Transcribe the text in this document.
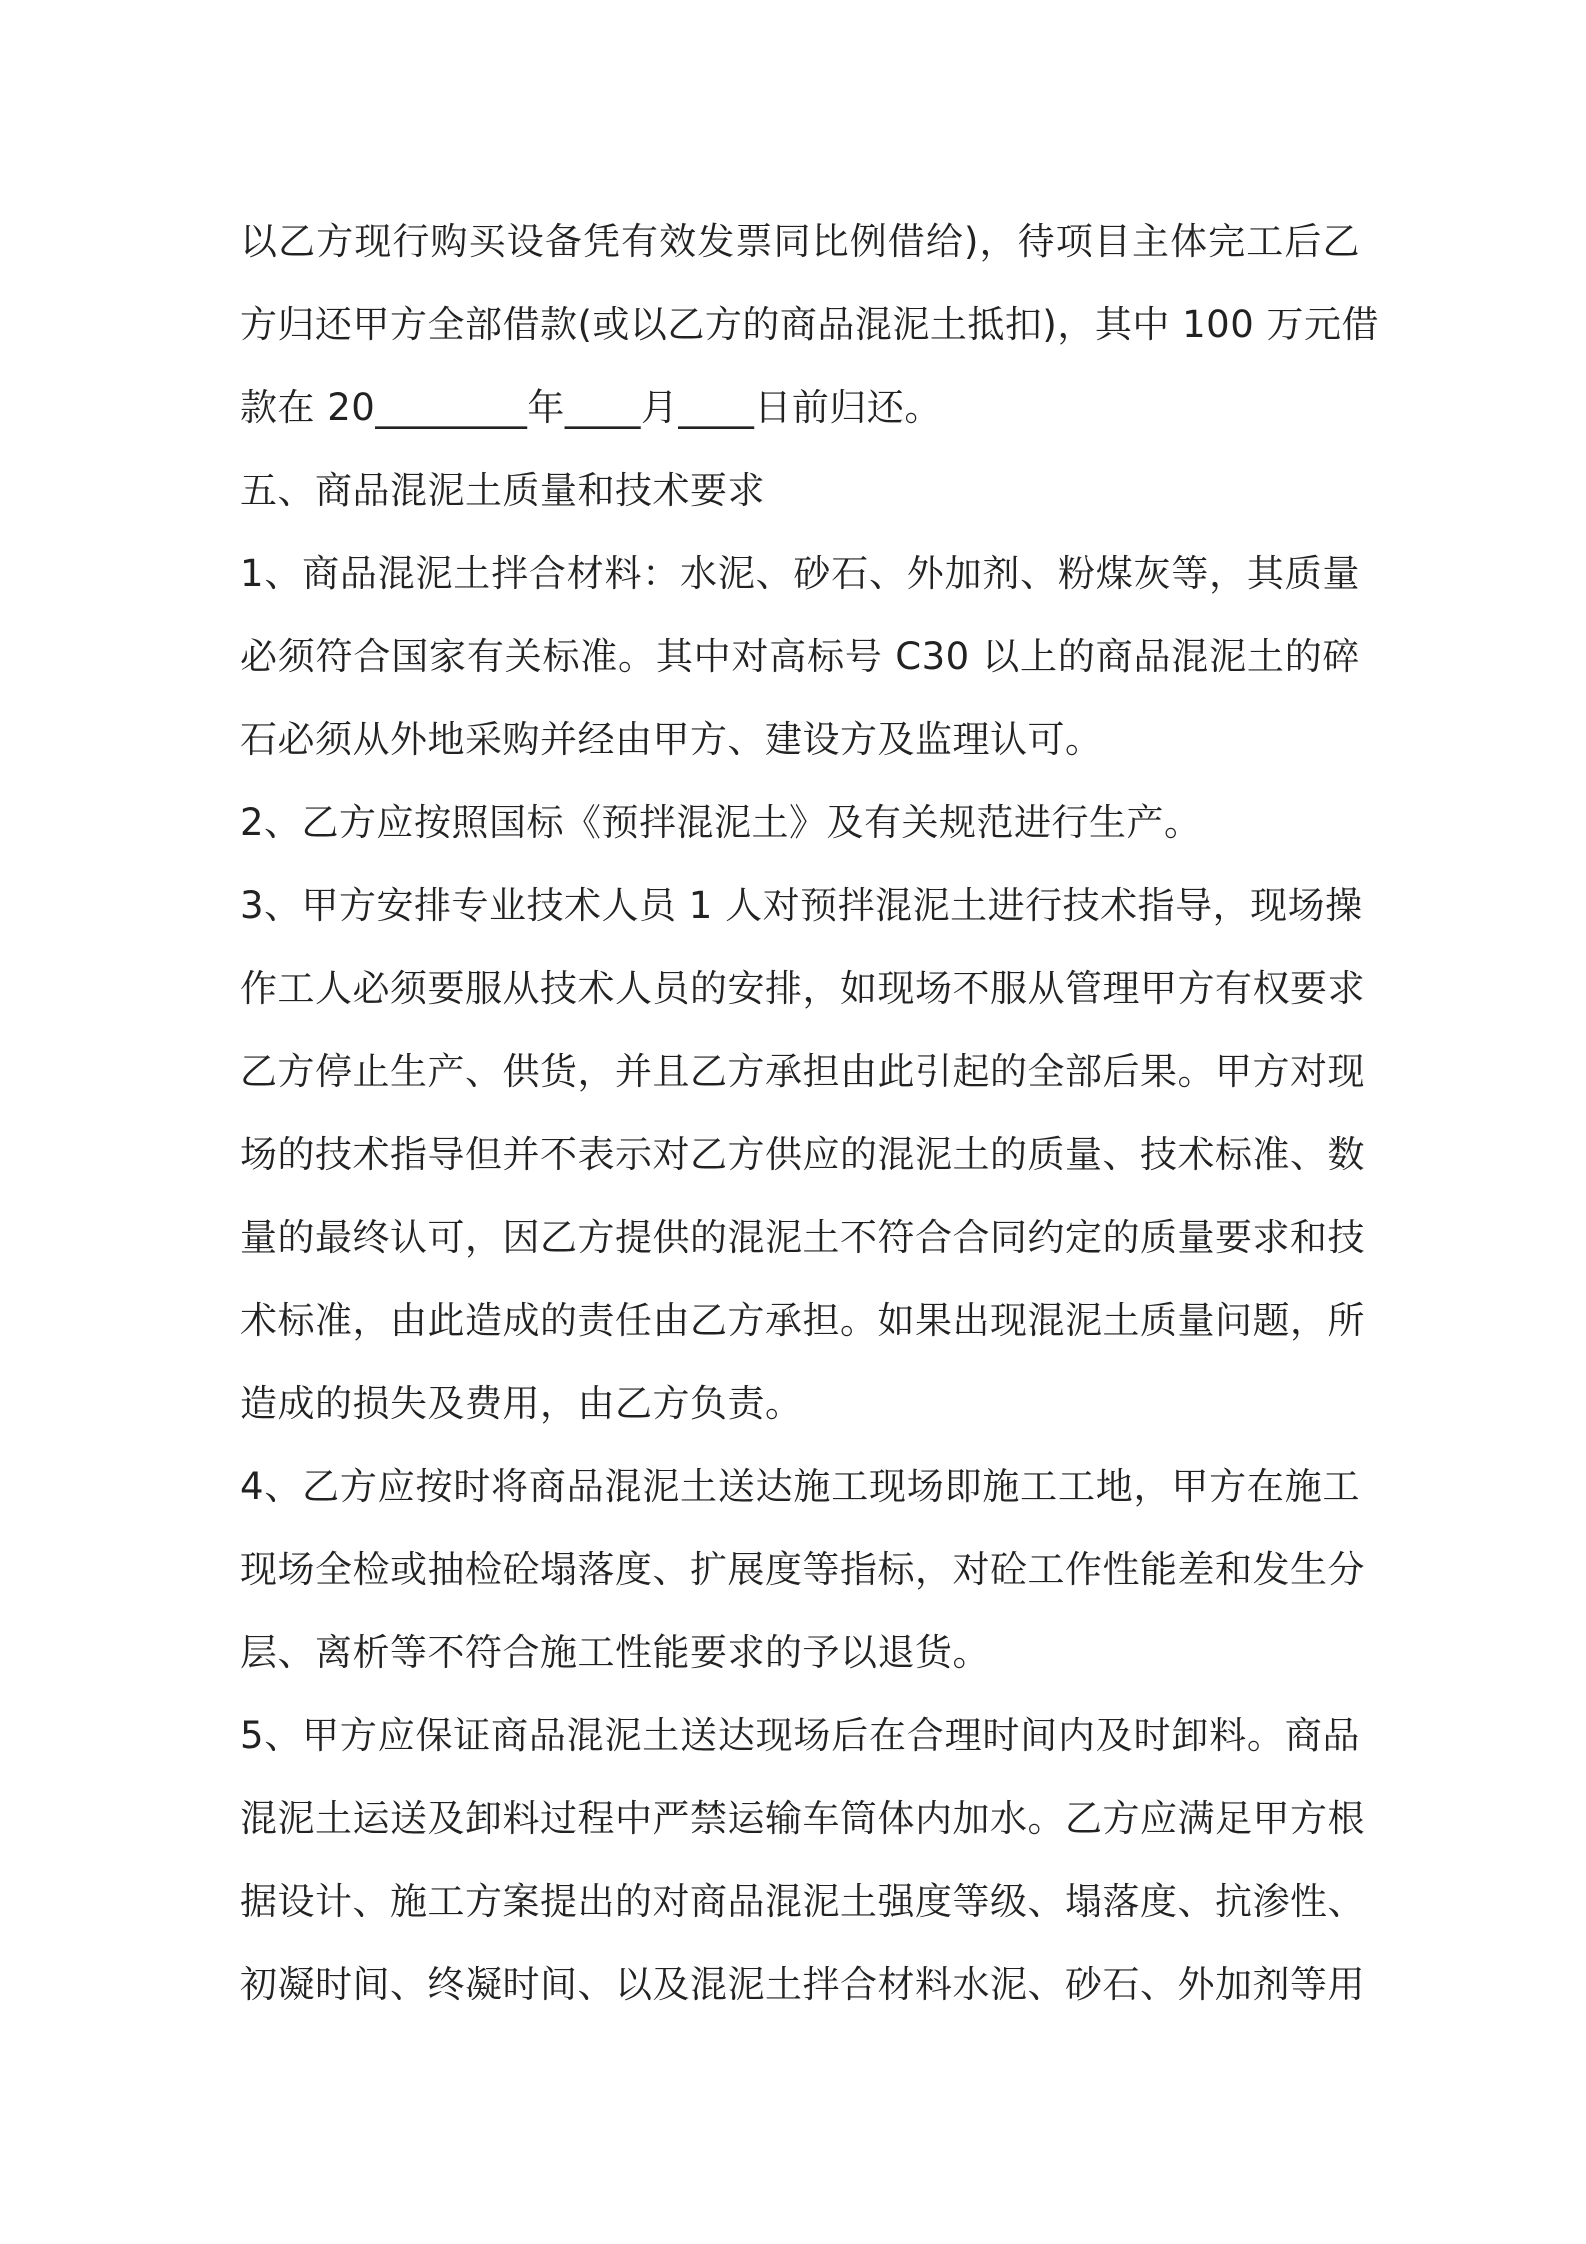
以乙方现行购买设备凭有效发票同比例借给)，待项目主体完工后乙
方归还甲方全部借款(或以乙方的商品混泥土抵扣)，其中 100 万元借
款在 20________年____月____日前归还。
五、商品混泥土质量和技术要求
1、商品混泥土拌合材料：水泥、砂石、外加剂、粉煤灰等，其质量
必须符合国家有关标准。其中对高标号 C30 以上的商品混泥土的碎
石必须从外地采购并经由甲方、建设方及监理认可。
2、乙方应按照国标《预拌混泥土》及有关规范进行生产。
3、甲方安排专业技术人员 1 人对预拌混泥土进行技术指导，现场操
作工人必须要服从技术人员的安排，如现场不服从管理甲方有权要求
乙方停止生产、供货，并且乙方承担由此引起的全部后果。甲方对现
场的技术指导但并不表示对乙方供应的混泥土的质量、技术标准、数
量的最终认可，因乙方提供的混泥土不符合合同约定的质量要求和技
术标准，由此造成的责任由乙方承担。如果出现混泥土质量问题，所
造成的损失及费用，由乙方负责。
4、乙方应按时将商品混泥土送达施工现场即施工工地，甲方在施工
现场全检或抽检砼塌落度、扩展度等指标，对砼工作性能差和发生分
层、离析等不符合施工性能要求的予以退货。
5、甲方应保证商品混泥土送达现场后在合理时间内及时卸料。商品
混泥土运送及卸料过程中严禁运输车筒体内加水。乙方应满足甲方根
据设计、施工方案提出的对商品混泥土强度等级、塌落度、抗渗性、
初凝时间、终凝时间、以及混泥土拌合材料水泥、砂石、外加剂等用
